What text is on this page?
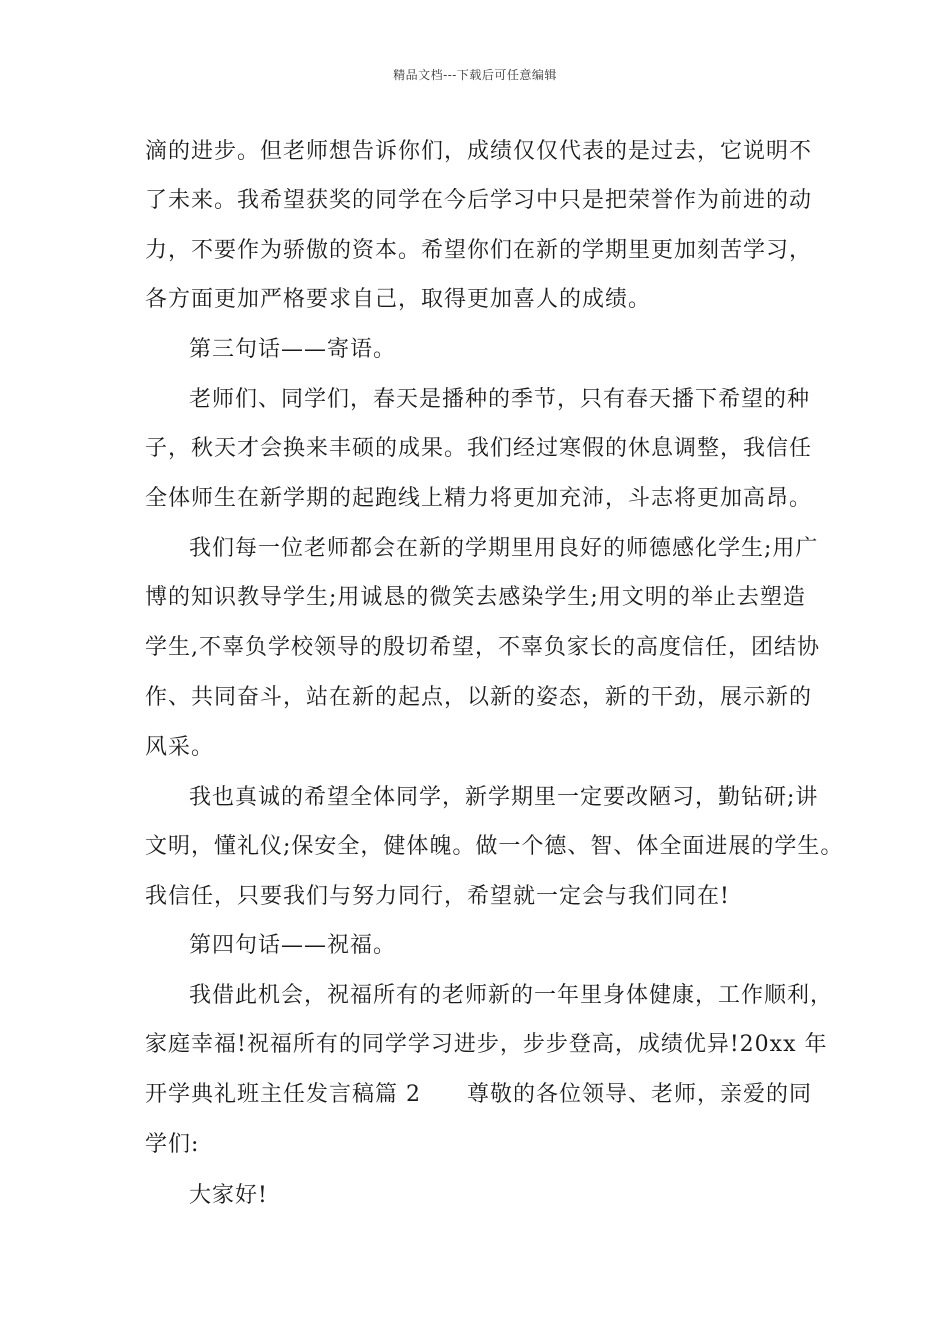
精品文档---下载后可任意编辑
滴的进步。但老师想告诉你们，成绩仅仅代表的是过去，它说明不
了未来。我希望获奖的同学在今后学习中只是把荣誉作为前进的动
力，不要作为骄傲的资本。希望你们在新的学期里更加刻苦学习，
各方面更加严格要求自己，取得更加喜人的成绩。
第三句话——寄语。
老师们、同学们，春天是播种的季节，只有春天播下希望的种
子，秋天才会换来丰硕的成果。我们经过寒假的休息调整，我信任
全体师生在新学期的起跑线上精力将更加充沛，斗志将更加高昂。
我们每一位老师都会在新的学期里用良好的师德感化学生;用广
博的知识教导学生;用诚恳的微笑去感染学生;用文明的举止去塑造
学生,不辜负学校领导的殷切希望，不辜负家长的高度信任，团结协
作、共同奋斗，站在新的起点，以新的姿态，新的干劲，展示新的
风采。
我也真诚的希望全体同学，新学期里一定要改陋习，勤钻研;讲
文明，懂礼仪;保安全，健体魄。做一个德、智、体全面进展的学生。
我信任，只要我们与努力同行，希望就一定会与我们同在!
第四句话——祝福。
我借此机会，祝福所有的老师新的一年里身体健康，工作顺利，
家庭幸福!祝福所有的同学学习进步，步步登高，成绩优异!20xx 年
开学典礼班主任发言稿篇 2　　尊敬的各位领导、老师，亲爱的同
学们:
大家好!
